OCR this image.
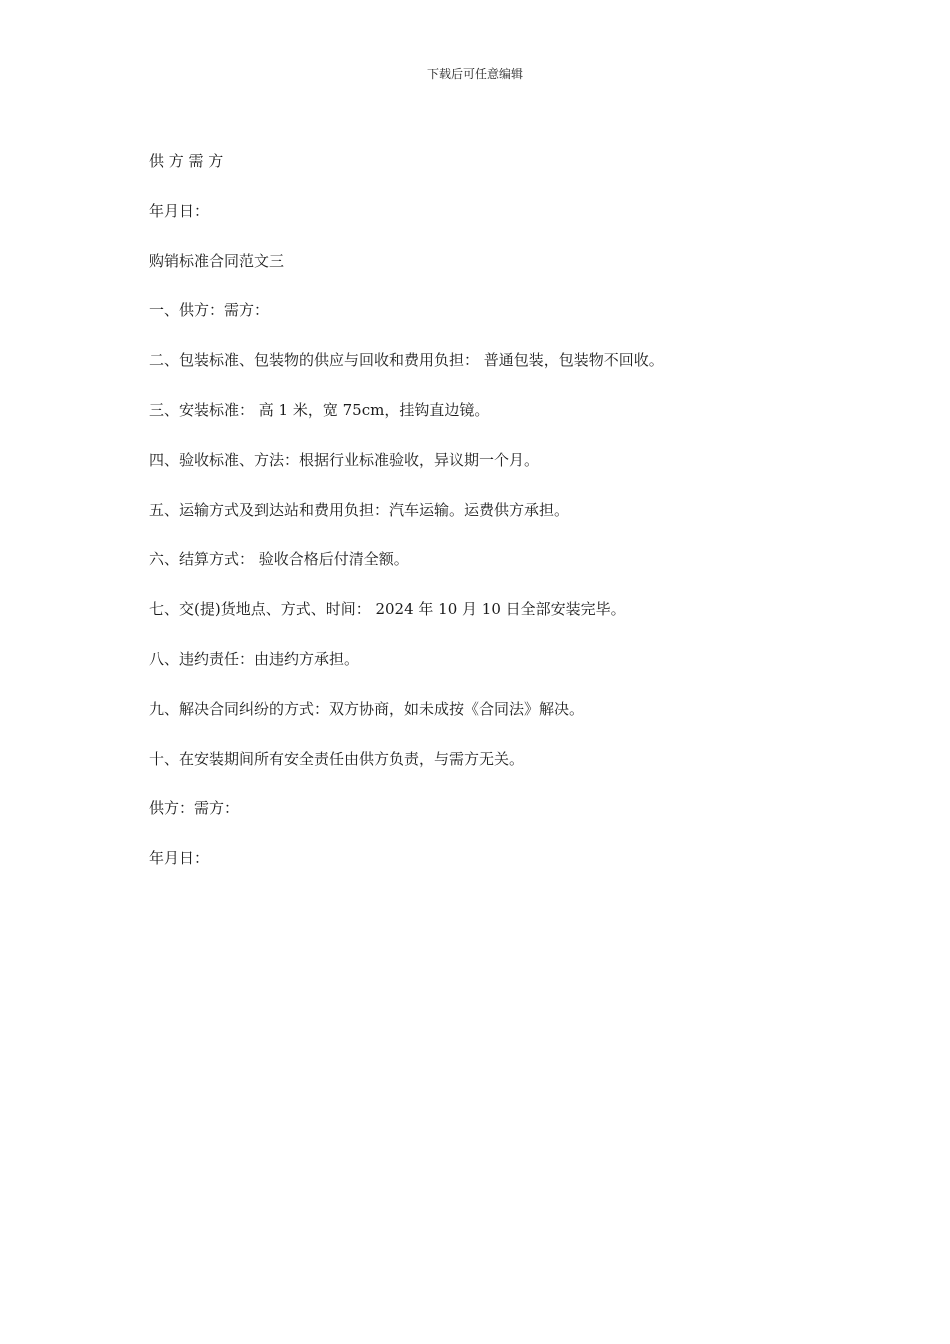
下载后可任意编辑
供 方 需 方
年月日：
购销标准合同范文三
一、供方：需方：
二、包装标准、包装物的供应与回收和费用负担： 普通包装，包装物不回收。
三、安装标准： 高 1 米，宽 75cm，挂钩直边镜。
四、验收标准、方法：根据行业标准验收，异议期一个月。
五、运输方式及到达站和费用负担：汽车运输。运费供方承担。
六、结算方式： 验收合格后付清全额。
七、交(提)货地点、方式、时间： 2024 年 10 月 10 日全部安装完毕。
八、违约责任：由违约方承担。
九、解决合同纠纷的方式：双方协商，如未成按《合同法》解决。
十、在安装期间所有安全责任由供方负责，与需方无关。
供方：需方：
年月日：
